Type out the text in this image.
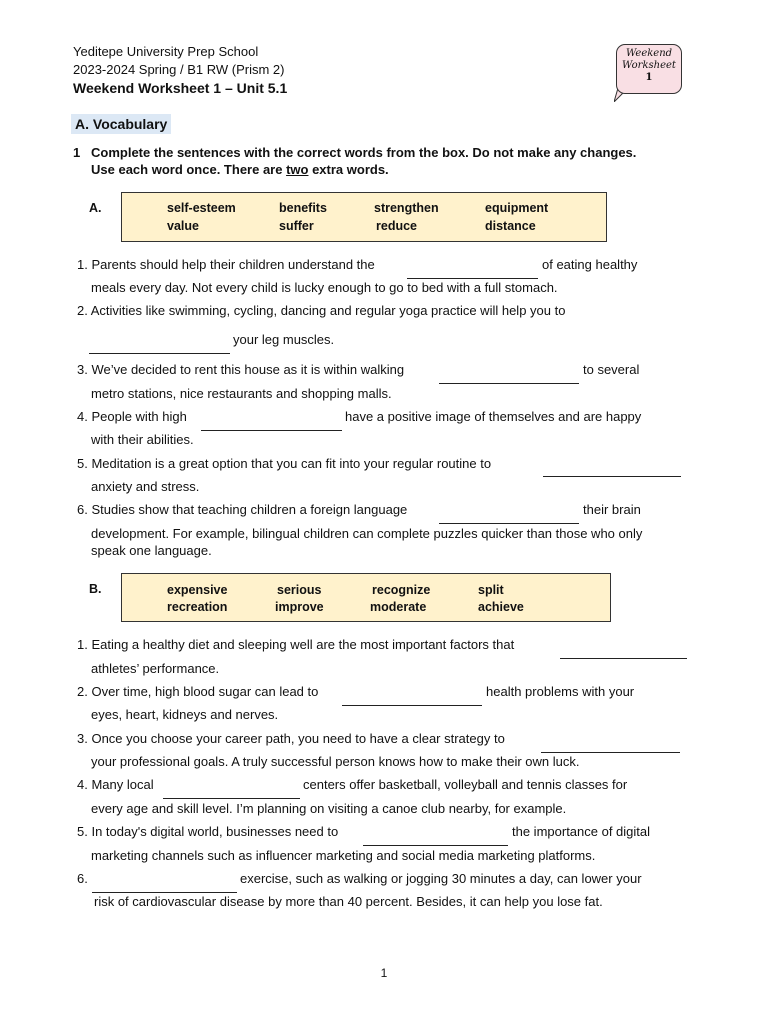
Yeditepe University Prep School
2023-2024 Spring / B1 RW (Prism 2)
Weekend Worksheet 1 – Unit 5.1
Weekend
Worksheet
1
A. Vocabulary
1 Complete the sentences with the correct words from the box. Do not make any changes.
Use each word once. There are two extra words.
A.	self-esteem	benefits	strengthen	equipment
value	suffer	reduce	distance
1. Parents should help their children understand the	of eating healthy
meals every day. Not every child is lucky enough to go to bed with a full stomach.
2. Activities like swimming, cycling, dancing and regular yoga practice will help you to
your leg muscles.
3. We’ve decided to rent this house as it is within walking	to several
metro stations, nice restaurants and shopping malls.
4. People with high	have a positive image of themselves and are happy
with their abilities.
5. Meditation is a great option that you can fit into your regular routine to
anxiety and stress.
6. Studies show that teaching children a foreign language	their brain
development. For example, bilingual children can complete puzzles quicker than those who only
speak one language.
B.	expensive	serious	recognize	split
recreation	improve	moderate	achieve
1. Eating a healthy diet and sleeping well are the most important factors that
athletes’ performance.
2. Over time, high blood sugar can lead to	health problems with your
eyes, heart, kidneys and nerves.
3. Once you choose your career path, you need to have a clear strategy to
your professional goals. A truly successful person knows how to make their own luck.
4. Many local	centers offer basketball, volleyball and tennis classes for
every age and skill level. I’m planning on visiting a canoe club nearby, for example.
5. In today's digital world, businesses need to	the importance of digital
marketing channels such as influencer marketing and social media marketing platforms.
6.	exercise, such as walking or jogging 30 minutes a day, can lower your
risk of cardiovascular disease by more than 40 percent. Besides, it can help you lose fat.
1
